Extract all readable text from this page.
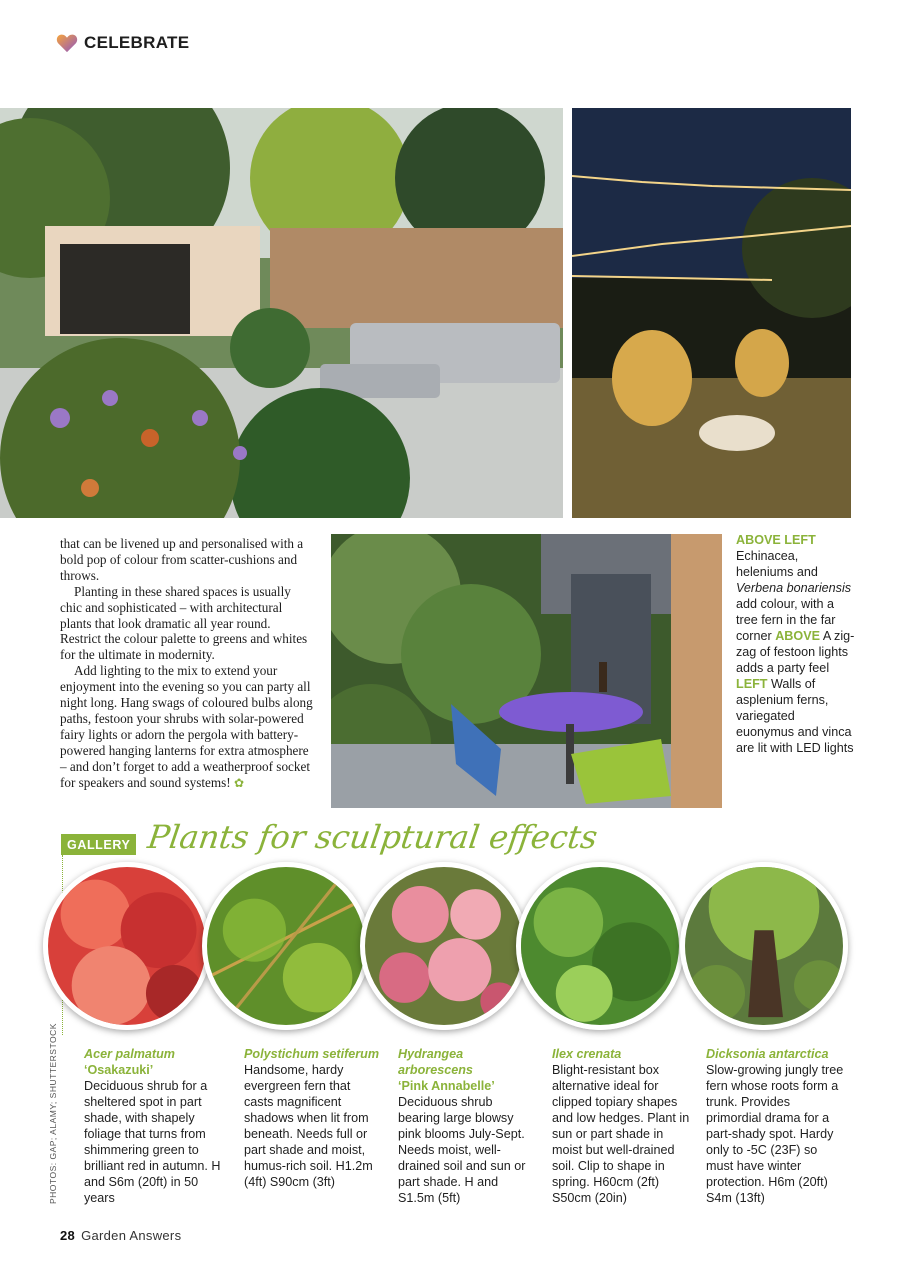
CELEBRATE

that can be livened up and personalised with a bold pop of colour from scatter-cushions and throws.

Planting in these shared spaces is usually chic and sophisticated – with architectural plants that look dramatic all year round. Restrict the colour palette to greens and whites for the ultimate in modernity.

Add lighting to the mix to extend your enjoyment into the evening so you can party all night long. Hang swags of coloured bulbs along paths, festoon your shrubs with solar-powered fairy lights or adorn the pergola with battery-powered hanging lanterns for extra atmosphere – and don’t forget to add a weatherproof socket for speakers and sound systems! ✿

ABOVE LEFT Echinacea, heleniums and Verbena bonariensis add colour, with a tree fern in the far corner ABOVE A zig-zag of festoon lights adds a party feel LEFT Walls of asplenium ferns, variegated euonymus and vinca are lit with LED lights
GALLERY Plants for sculptural effects
PHOTOS: GAP; ALAMY; SHUTTERSTOCK Acer palmatum
‘Osakazuki’
Deciduous shrub for a sheltered spot in part shade, with shapely foliage that turns from shimmering green to brilliant red in autumn. H and S6m (20ft) in 50 years
Polystichum setiferum
Handsome, hardy evergreen fern that casts magnificent shadows when lit from beneath. Needs full or part shade and moist, humus-rich soil. H1.2m (4ft) S90cm (3ft)
Hydrangea arborescens
‘Pink Annabelle’
Deciduous shrub bearing large blowsy pink blooms July-Sept. Needs moist, well-drained soil and sun or part shade. H and S1.5m (5ft)
Ilex crenata
Blight-resistant box alternative ideal for clipped topiary shapes and low hedges. Plant in sun or part shade in moist but well-drained soil. Clip to shape in spring. H60cm (2ft) S50cm (20in)
Dicksonia antarctica
Slow-growing jungly tree fern whose roots form a trunk. Provides primordial drama for a part-shady spot. Hardy only to -5C (23F) so must have winter protection. H6m (20ft) S4m (13ft)
28 Garden Answers
